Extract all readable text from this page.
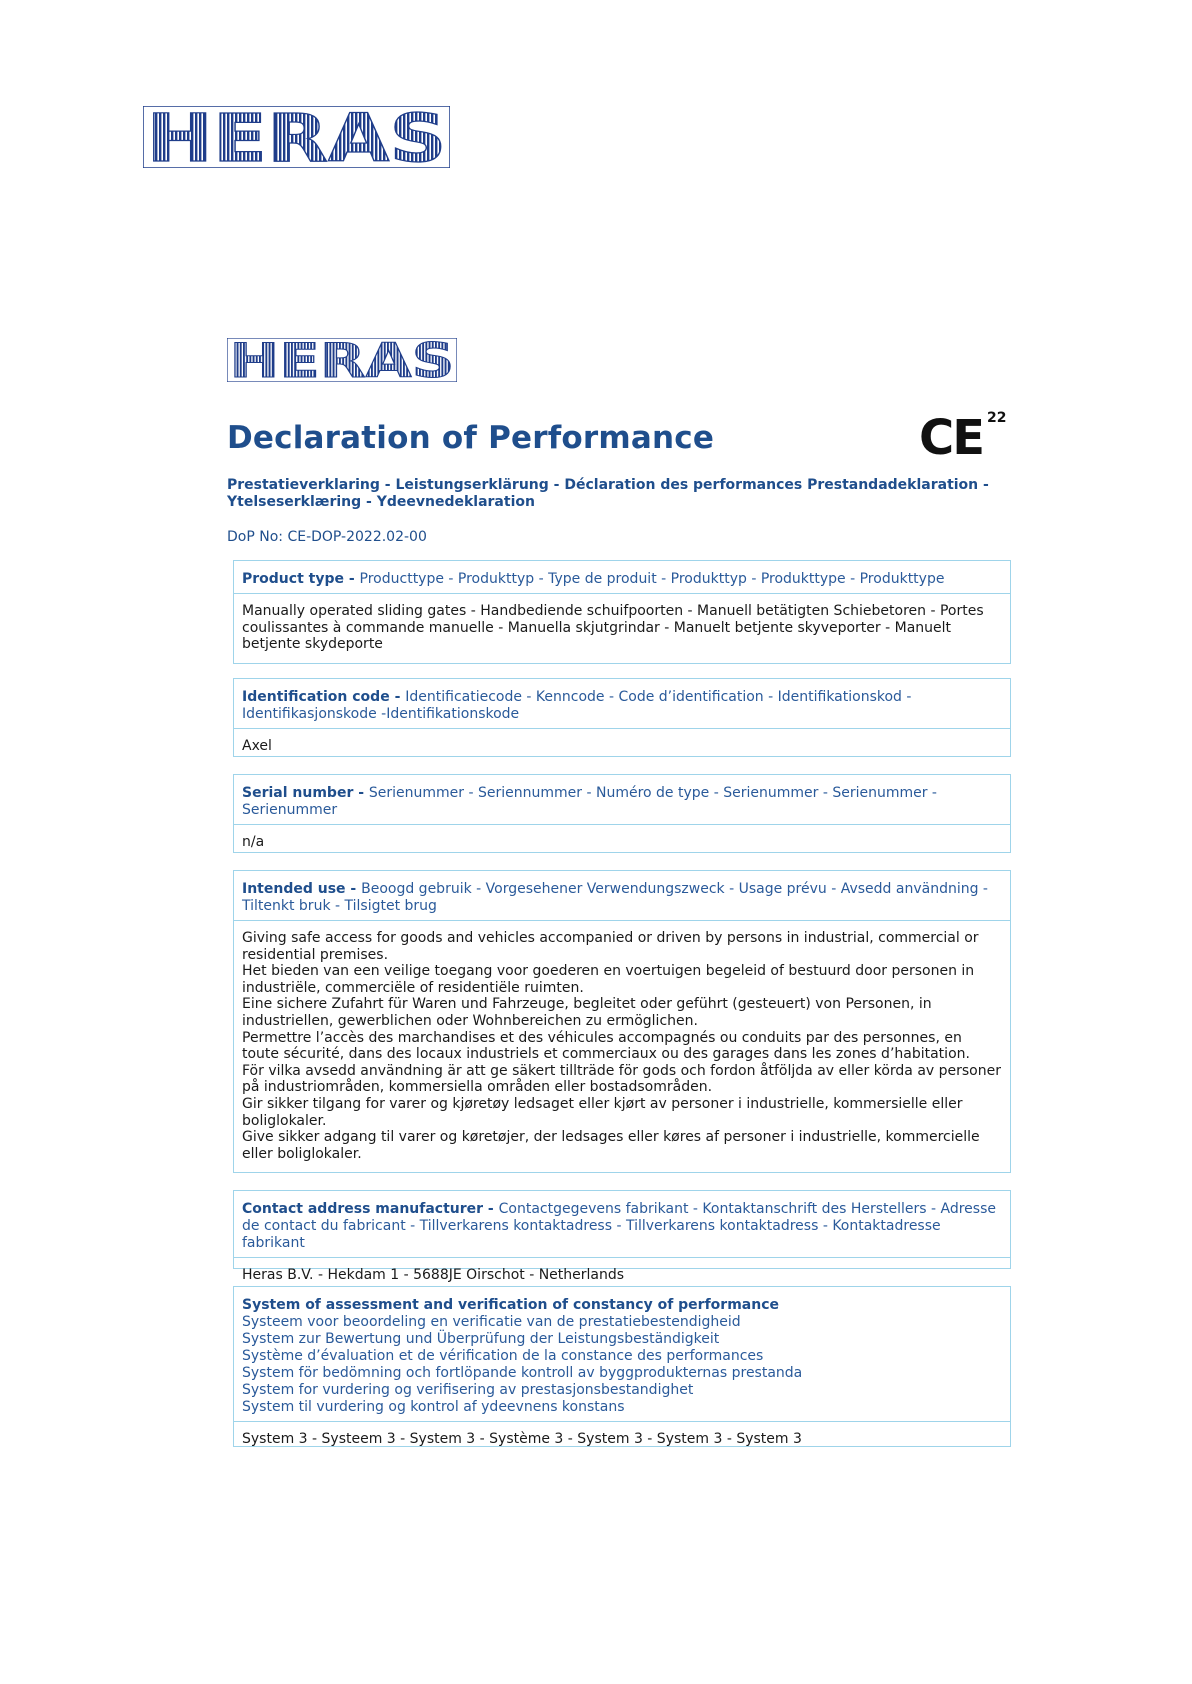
HERAS
HERAS
CE 22
Declaration of Performance

Prestatieverklaring - Leistungserklärung - Déclaration des performances Prestandadeklaration - Ytelseserklæring - Ydeevnedeklaration

DoP No: CE-DOP-2022.02-00
Product type - Producttype - Produkttyp - Type de produit - Produkttyp - Produkttype - Produkttype
Manually operated sliding gates - Handbediende schuifpoorten - Manuell betätigten Schiebetoren - Portes coulissantes à commande manuelle - Manuella skjutgrindar - Manuelt betjente skyveporter - Manuelt betjente skydeporte
Identification code - Identificatiecode - Kenncode - Code d’identification - Identifikationskod - Identifikasjonskode -Identifikationskode
Axel
Serial number - Serienummer - Seriennummer - Numéro de type - Serienummer - Serienummer - Serienummer
n/a
Intended use - Beoogd gebruik - Vorgesehener Verwendungszweck - Usage prévu - Avsedd användning - Tiltenkt bruk - Tilsigtet brug
Giving safe access for goods and vehicles accompanied or driven by persons in industrial, commercial or residential premises.
Het bieden van een veilige toegang voor goederen en voertuigen begeleid of bestuurd door personen in industriële, commerciële of residentiële ruimten.
Eine sichere Zufahrt für Waren und Fahrzeuge, begleitet oder geführt (gesteuert) von Personen, in industriellen, gewerblichen oder Wohnbereichen zu ermöglichen.
Permettre l’accès des marchandises et des véhicules accompagnés ou conduits par des personnes, en toute sécurité, dans des locaux industriels et commerciaux ou des garages dans les zones d’habitation.
För vilka avsedd användning är att ge säkert tillträde för gods och fordon åtföljda av eller körda av personer på industriområden, kommersiella områden eller bostadsområden.
Gir sikker tilgang for varer og kjøretøy ledsaget eller kjørt av personer i industrielle, kommersielle eller boliglokaler.
Give sikker adgang til varer og køretøjer, der ledsages eller køres af personer i industrielle, kommercielle eller boliglokaler.
Contact address manufacturer - Contactgegevens fabrikant - Kontaktanschrift des Herstellers - Adresse de contact du fabricant - Tillverkarens kontaktadress - Tillverkarens kontaktadress - Kontaktadresse fabrikant
Heras B.V. - Hekdam 1 - 5688JE Oirschot - Netherlands
System of assessment and verification of constancy of performance
Systeem voor beoordeling en verificatie van de prestatiebestendigheid
System zur Bewertung und Überprüfung der Leistungsbeständigkeit
Système d’évaluation et de vérification de la constance des performances
System för bedömning och fortlöpande kontroll av byggprodukternas prestanda
System for vurdering og verifisering av prestasjonsbestandighet
System til vurdering og kontrol af ydeevnens konstans
System 3 - Systeem 3 - System 3 - Système 3 - System 3 - System 3 - System 3
